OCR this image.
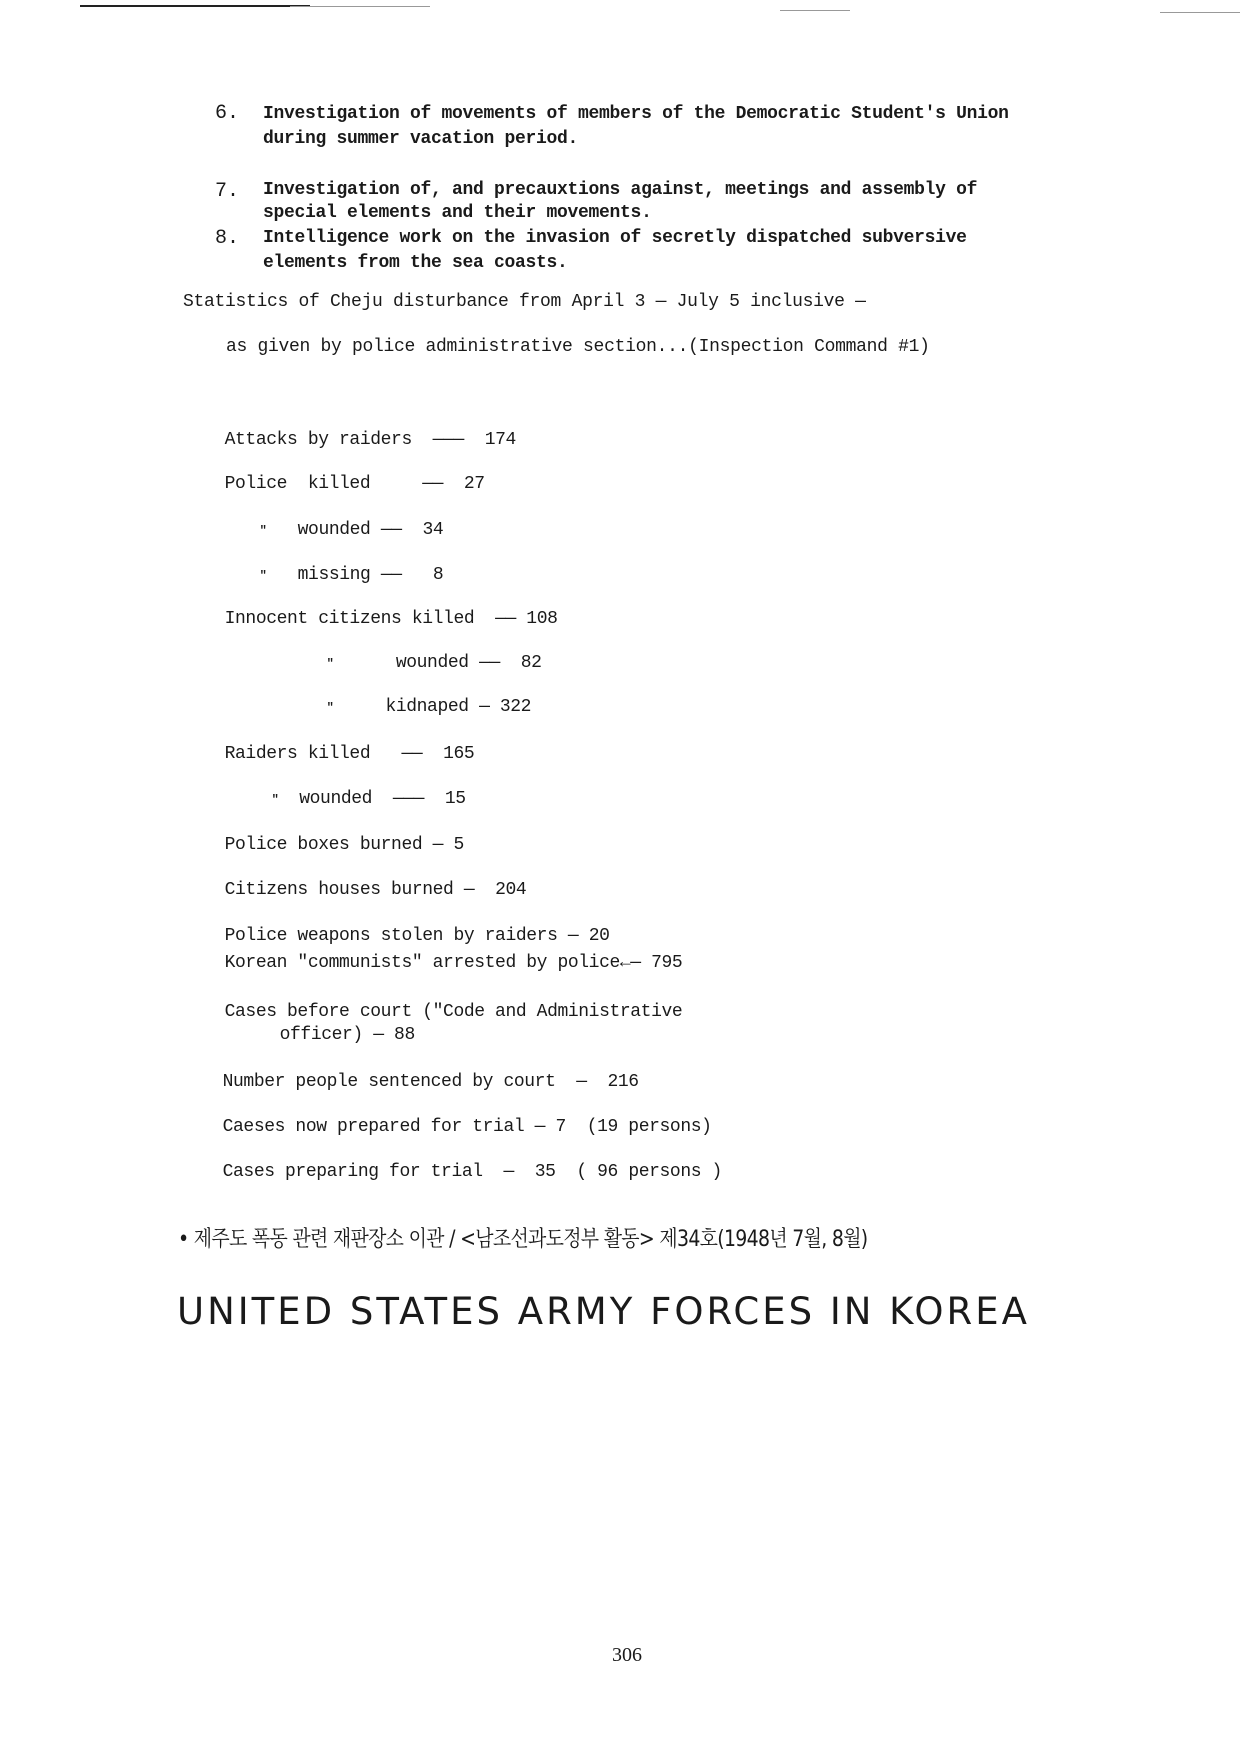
6. Investigation of movements of members of the Democratic Student's Union
during summer vacation period.
7. Investigation of, and precauxtions against, meetings and assembly of
special elements and their movements.
8. Intelligence work on the invasion of secretly dispatched subversive
elements from the sea coasts.
Statistics of Cheju disturbance from April 3 — July 5 inclusive —
as given by police administrative section...(Inspection Command #1)

Attacks by raiders ——— 174

Police  killed	—— 27

" wounded —— 34

" missing —— 8

Innocent citizens killed —— 108

"	wounded —— 82

"	kidnaped — 322

Raiders killed —— 165

" wounded ——— 15

Police boxes burned — 5

Citizens houses burned — 204

Police weapons stolen by raiders — 20

Korean "communists" arrested by police←— 795

Cases before court ("Code and Administrative

officer) — 88

Number people sentenced by court — 216

Caeses now prepared for trial — 7 (19 persons)

Cases preparing for trial — 35 ( 96 persons )

• 제주도 폭동 관련 재판장소 이관 / <남조선과도정부 활동> 제34호(1948년 7월, 8월)
UNITED STATES ARMY FORCES IN KOREA
306
